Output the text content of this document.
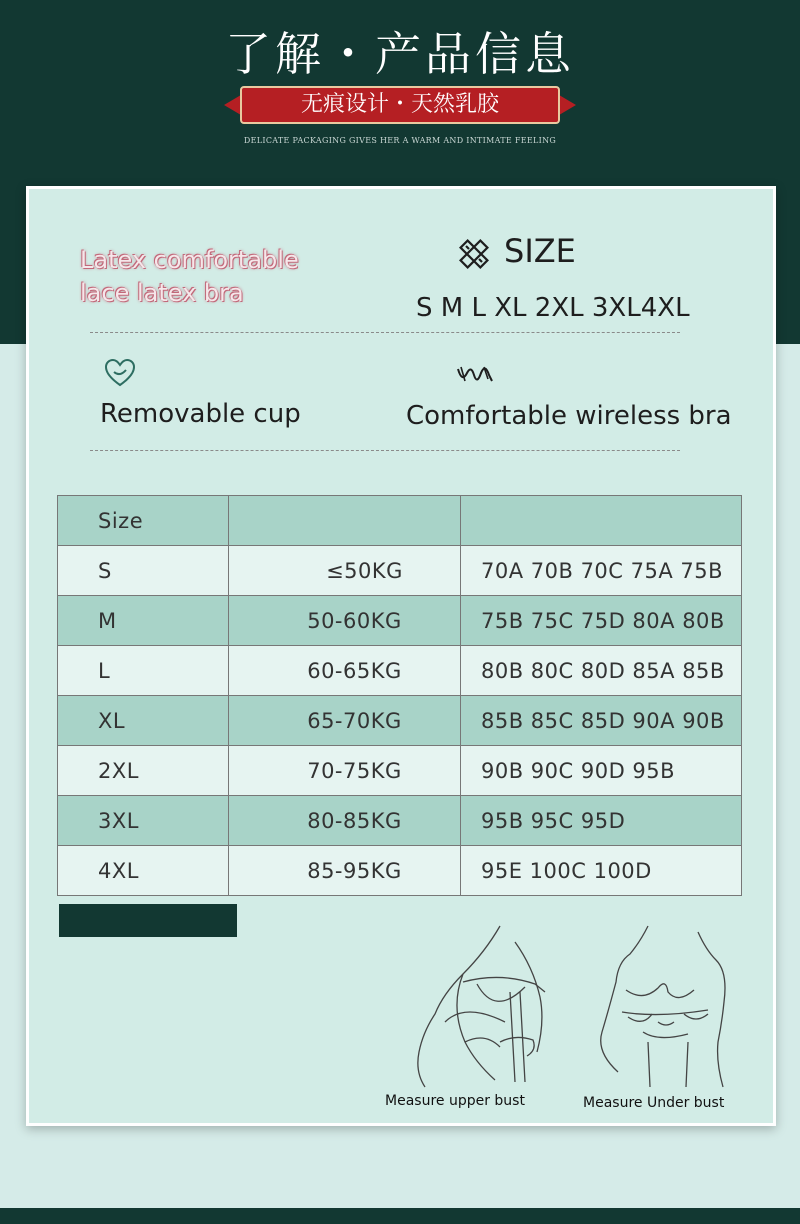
了解・产品信息
无痕设计・天然乳胶
DELICATE PACKAGING GIVES HER A WARM AND INTIMATE FEELING
Latex comfortable
lace latex bra
SIZE
S M L XL 2XL 3XL4XL
Removable cup	Comfortable wireless bra
Size		
S	≤50KG	70A 70B 70C 75A 75B
M	50-60KG	75B 75C 75D 80A 80B
L	60-65KG	80B 80C 80D 85A 85B
XL	65-70KG	85B 85C 85D 90A 90B
2XL	70-75KG	90B 90C 90D 95B
3XL	80-85KG	95B 95C 95D
4XL	85-95KG	95E 100C 100D
Measure upper bust	Measure Under bust
